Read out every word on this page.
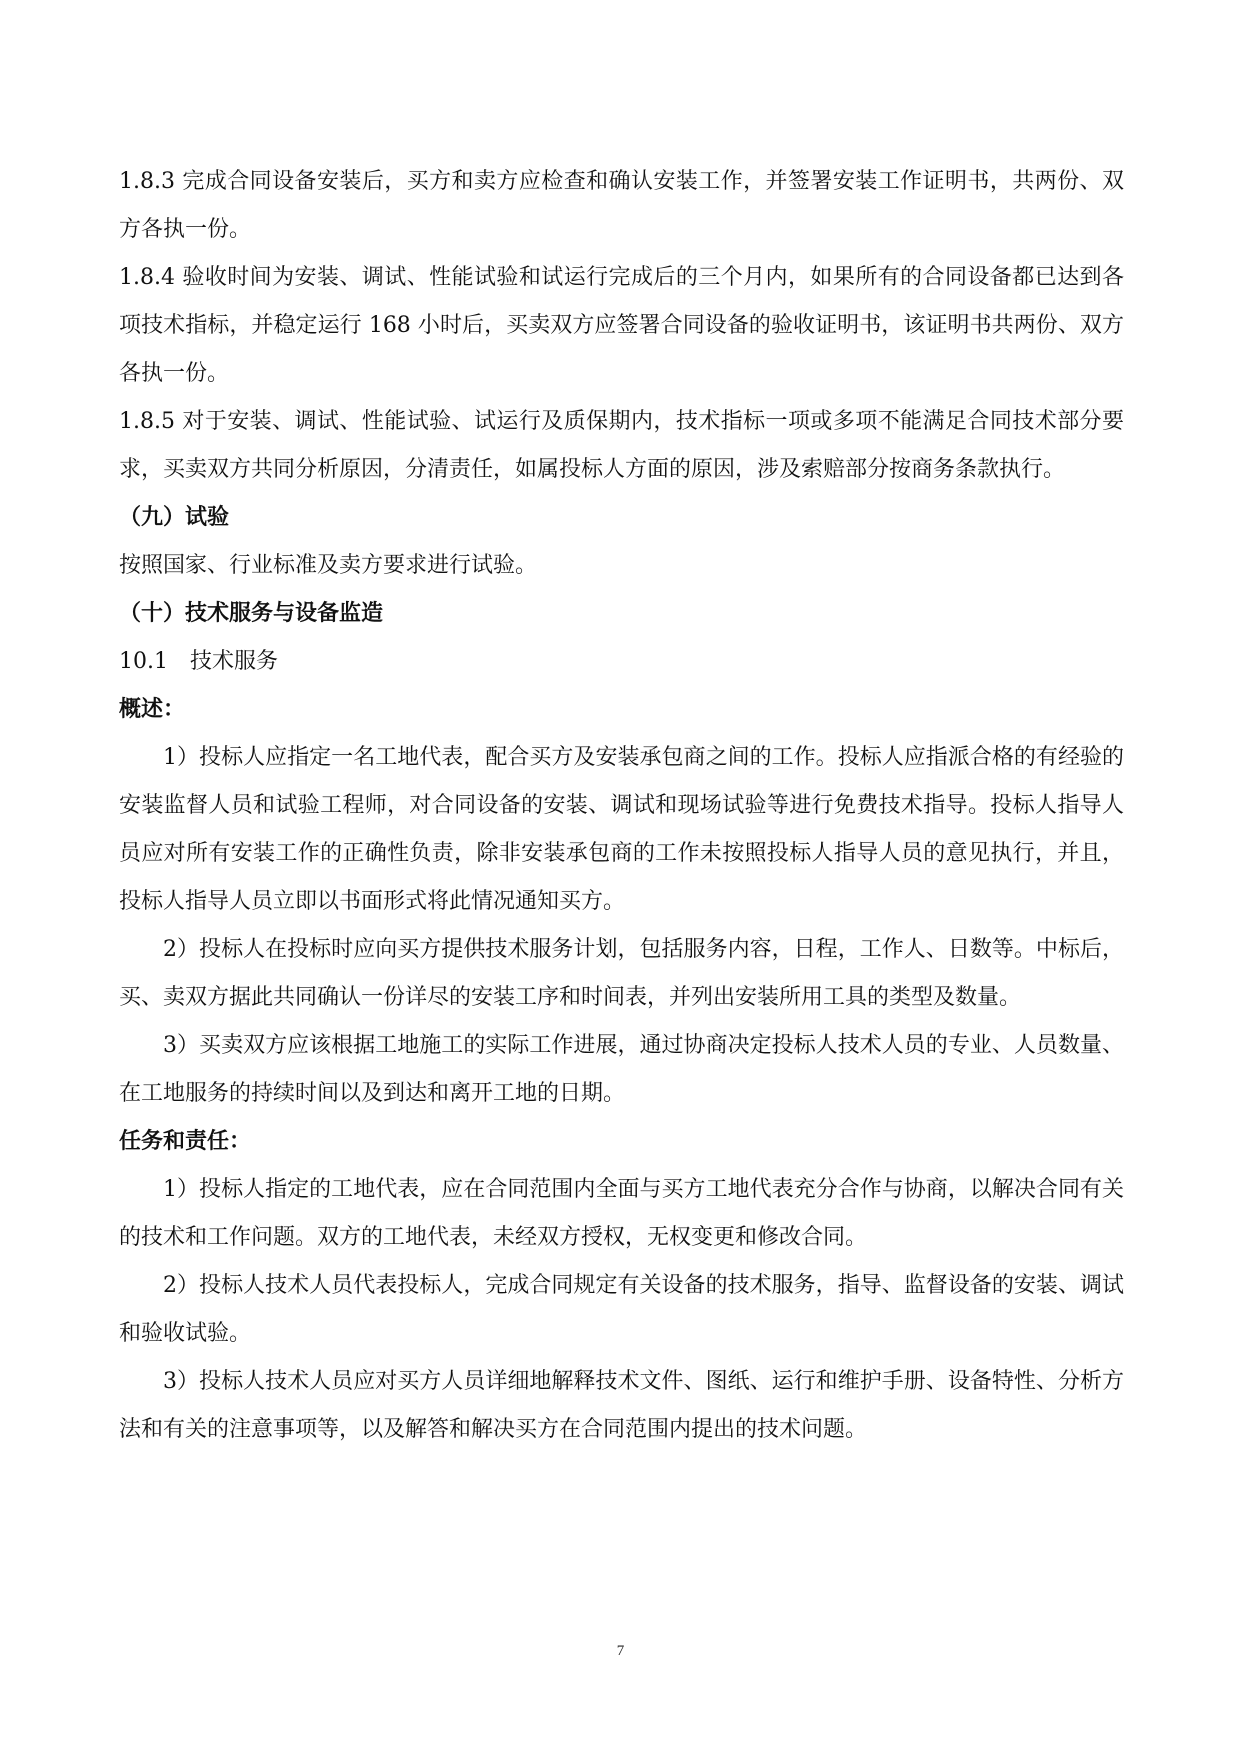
1.8.3 完成合同设备安装后，买方和卖方应检查和确认安装工作，并签署安装工作证明书，共两份、双方各执一份。

1.8.4 验收时间为安装、调试、性能试验和试运行完成后的三个月内，如果所有的合同设备都已达到各项技术指标，并稳定运行 168 小时后，买卖双方应签署合同设备的验收证明书，该证明书共两份、双方各执一份。

1.8.5 对于安装、调试、性能试验、试运行及质保期内，技术指标一项或多项不能满足合同技术部分要求，买卖双方共同分析原因，分清责任，如属投标人方面的原因，涉及索赔部分按商务条款执行。

（九）试验

按照国家、行业标准及卖方要求进行试验。

（十）技术服务与设备监造

10.1　技术服务

概述：

1）投标人应指定一名工地代表，配合买方及安装承包商之间的工作。投标人应指派合格的有经验的安装监督人员和试验工程师，对合同设备的安装、调试和现场试验等进行免费技术指导。投标人指导人员应对所有安装工作的正确性负责，除非安装承包商的工作未按照投标人指导人员的意见执行，并且，投标人指导人员立即以书面形式将此情况通知买方。

2）投标人在投标时应向买方提供技术服务计划，包括服务内容，日程，工作人、日数等。中标后，买、卖双方据此共同确认一份详尽的安装工序和时间表，并列出安装所用工具的类型及数量。

3）买卖双方应该根据工地施工的实际工作进展，通过协商决定投标人技术人员的专业、人员数量、在工地服务的持续时间以及到达和离开工地的日期。

任务和责任：

1）投标人指定的工地代表，应在合同范围内全面与买方工地代表充分合作与协商，以解决合同有关的技术和工作问题。双方的工地代表，未经双方授权，无权变更和修改合同。

2）投标人技术人员代表投标人，完成合同规定有关设备的技术服务，指导、监督设备的安装、调试和验收试验。

3）投标人技术人员应对买方人员详细地解释技术文件、图纸、运行和维护手册、设备特性、分析方法和有关的注意事项等，以及解答和解决买方在合同范围内提出的技术问题。

7
